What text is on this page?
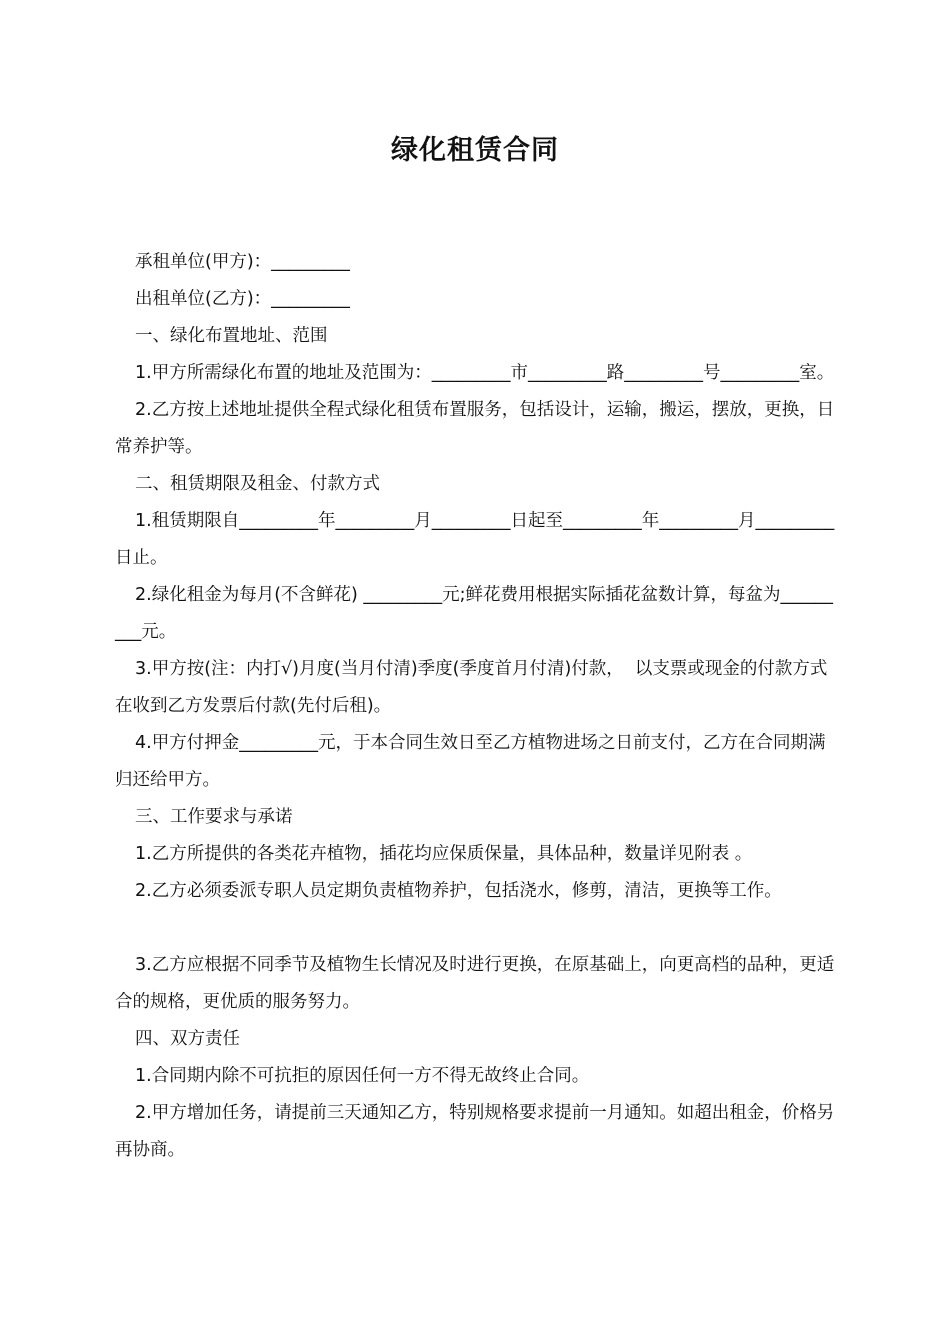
绿化租赁合同

承租单位(甲方)：_________

出租单位(乙方)：_________

一、绿化布置地址、范围

1.甲方所需绿化布置的地址及范围为：_________市_________路_________号_________室。

2.乙方按上述地址提供全程式绿化租赁布置服务，包括设计，运输，搬运，摆放，更换，日常养护等。

二、租赁期限及租金、付款方式

1.租赁期限自_________年_________月_________日起至_________年_________月_________日止。

2.绿化租金为每月(不含鲜花) _________元;鲜花费用根据实际插花盆数计算，每盆为_________元。

3.甲方按(注：内打√)月度(当月付清)季度(季度首月付清)付款，  以支票或现金的付款方式在收到乙方发票后付款(先付后租)。

4.甲方付押金_________元，于本合同生效日至乙方植物进场之日前支付，乙方在合同期满归还给甲方。

三、工作要求与承诺

1.乙方所提供的各类花卉植物，插花均应保质保量，具体品种，数量详见附表 。

2.乙方必须委派专职人员定期负责植物养护，包括浇水，修剪，清洁，更换等工作。

3.乙方应根据不同季节及植物生长情况及时进行更换，在原基础上，向更高档的品种，更适合的规格，更优质的服务努力。

四、双方责任

1.合同期内除不可抗拒的原因任何一方不得无故终止合同。

2.甲方增加任务，请提前三天通知乙方，特别规格要求提前一月通知。如超出租金，价格另再协商。
